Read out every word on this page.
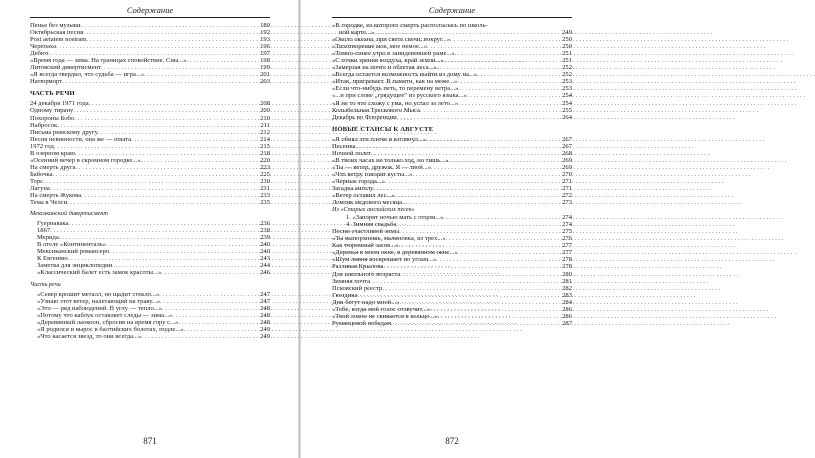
Содержание
Пенье без музыки . . .	180
Октябрьская песня . . .	192
Post aetatem nostram . . .	193
Черепаха . . .	196
Дебют . . .	197
«Время года — зима. На границах спокойствие. Сны...» . . .	198
Литовский дивертисмент . . .	199
«Я всегда твердил, что судьба — игра...» . . .	201
Натюрморт . . .	203
ЧАСТЬ РЕЧИ
24 декабря 1971 года . . .	208
Одному тирану . . .	209
Похороны Бобо . . .	210
Набросок . . .	211
Письма римскому другу . . .	212
Песня невинности, она же — опыта . . .	214
1972 год . . .	215
В озерном краю . . .	218
«Осенний вечер в скромном городке...» . . .	220
На смерть друга . . .	223
Бабочка . . .	225
Торс . . .	230
Лагуна . . .	231
На смерть Жукова . . .	233
Тема в Челси . . .	235
Мексиканский дивертисмент
Гуернавака . . .	236
1867 . . .	238
Мерида . . .	239
В отеле «Континенталь» . . .	240
Мексиканский романсеро . . .	240
К Евгению . . .	243
Заметка для энциклопедии . . .	244
«Классический балет есть замок красоты...» . . .	246
Часть речи
«Север крошит металл, но щадит стекло...» . . .	247
«Узнаю этот ветер, налетающий на траву...» . . .	247
«Это — ряд наблюдений. В углу — тепло...» . . .	248
«Потому что каблук оставляет следы — зима...» . . .	248
«Деревянный лаокоон, сбросив на время гору с...» . . .	248
«Я родился и вырос в балтийских болотах, подле...» . . .	249
«Что касается звезд, то они всегда...» . . .	249
871
Содержание
«В городке, из которого смерть расползалась по школь-
ной карте...» . . .	249
«Около океана, при свете свечи; вокруг...» . . .	250
«Тихотворение мое, мое немое...» . . .	250
«Темно-синее утро в заиндевевшей раме...» . . .	251
«С точки зрения воздуха, край земли...» . . .	251
«Замерзая на почте и облетая леса...» . . .	252
«Всегда остается возможность выйти из дому на...» . . .	252
«Итак, пригревает. В памяти, как на меже...» . . .	253
«Если что-нибудь петь, то перемену ветра...» . . .	253
«...и при слове „грядущее“ из русского языка...» . . .	254
«Я не то что схожу с ума, но устал за лето...» . . .	254
Колыбельная Трескового Мыса . . .	255
Декабрь во Флоренции . . .	264
НОВЫЕ СТАНСЫ К АВГУСТЕ
«Я обнял эти плечи и взглянул...» . . .	267
Песенка . . .	267
Ночной полет . . .	268
«В твоих часах не только ход, но тишь...» . . .	269
«Ты — ветер, дружок. Я — твой...» . . .	269
«Что ветру говорят кусты...» . . .	270
«Черные города...» . . .	271
Загадка ангелу . . .	271
«Ветер оставил лес...» . . .	272
Ломтик медового месяца . . .	273
Из «Старых английских песен»
1. «Запорят ночью мать с отцом...» . . .	274
4. Зимняя свадьба . . .	274
Песни счастливой зимы . . .	275
«Ты выпорхнешь, малиновка, из трех...» . . .	276
Как тюремный засов...» . . .	277
«Деревья в моем окне, в деревянном окне...» . . .	277
«Шум ливня воскрешает по углам...» . . .	278
Разливая Крылова . . .	278
Для школьного возраста . . .	280
Зимняя почта . . .	281
Псковский реестр . . .	282
Гвоздика . . .	283
Дни бегут надо мной...» . . .	284
«Тебе, когда мой голос отзвучит...» . . .	286
«Твой локон не свивается в кольцо...» . . .	286
Румянцевой победам . . .	287
872
